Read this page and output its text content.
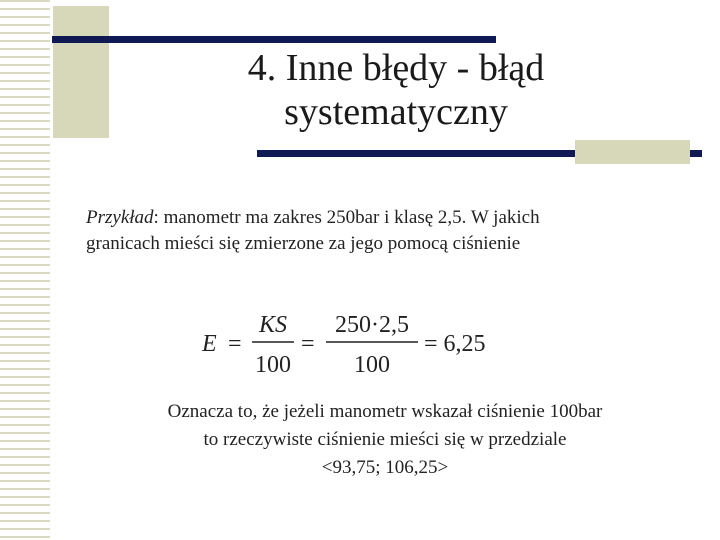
4. Inne błędy - błąd
systematyczny
Przykład: manometr ma zakres 250bar i klasę 2,5. W jakich granicach mieści się zmierzone za jego pomocą ciśnienie
E =
KS
100
=
250·2,5
100
= 6,25
Oznacza to, że jeżeli manometr wskazał ciśnienie 100bar
to rzeczywiste ciśnienie mieści się w przedziale
<93,75; 106,25>
